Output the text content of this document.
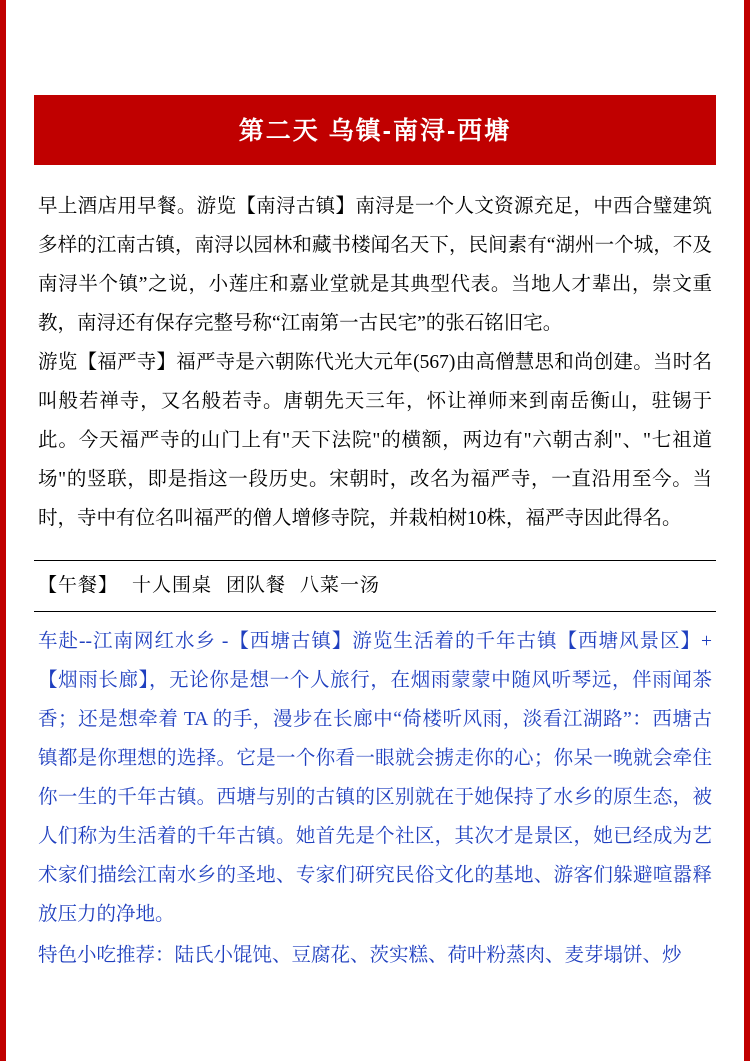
第二天 乌镇-南浔-西塘

早上酒店用早餐。游览【南浔古镇】南浔是一个人文资源充足，中西合璧建筑多样的江南古镇，南浔以园林和藏书楼闻名天下，民间素有“湖州一个城，不及南浔半个镇”之说，小莲庄和嘉业堂就是其典型代表。当地人才辈出，崇文重教，南浔还有保存完整号称“江南第一古民宅”的张石铭旧宅。

游览【福严寺】福严寺是六朝陈代光大元年(567)由高僧慧思和尚创建。当时名叫般若禅寺，又名般若寺。唐朝先天三年，怀让禅师来到南岳衡山，驻锡于此。今天福严寺的山门上有"天下法院"的横额，两边有"六朝古刹"、"七祖道场"的竖联，即是指这一段历史。宋朝时，改名为福严寺，一直沿用至今。当时，寺中有位名叫福严的僧人增修寺院，并栽柏树10株，福严寺因此得名。

【午餐】 十人围桌 团队餐 八菜一汤

车赴--江南网红水乡 -【西塘古镇】游览生活着的千年古镇【西塘风景区】+【烟雨长廊】，无论你是想一个人旅行，在烟雨蒙蒙中随风听琴远，伴雨闻茶香；还是想牵着 TA 的手，漫步在长廊中“倚楼听风雨，淡看江湖路”：西塘古镇都是你理想的选择。它是一个你看一眼就会掳走你的心；你呆一晚就会牵住你一生的千年古镇。西塘与别的古镇的区别就在于她保持了水乡的原生态，被人们称为生活着的千年古镇。她首先是个社区，其次才是景区，她已经成为艺术家们描绘江南水乡的圣地、专家们研究民俗文化的基地、游客们躲避喧嚣释放压力的净地。

特色小吃推荐：陆氏小馄饨、豆腐花、茨实糕、荷叶粉蒸肉、麦芽塌饼、炒
